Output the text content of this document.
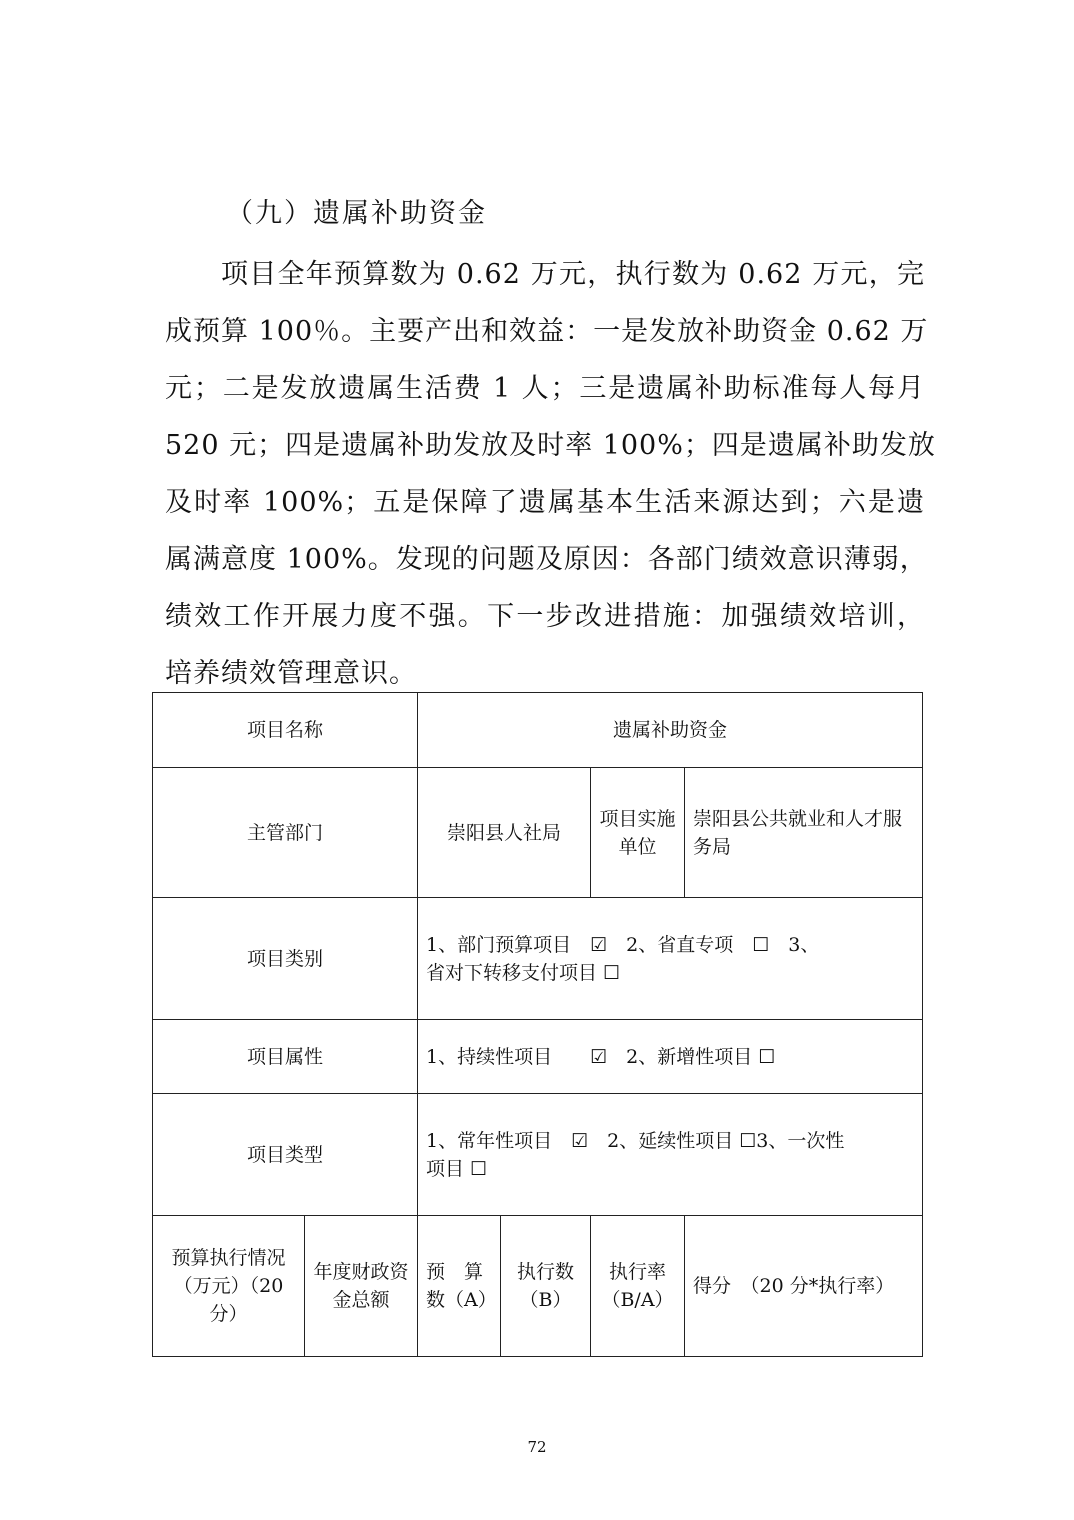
（九）遗属补助资金
项目全年预算数为 0.62 万元，执行数为 0.62 万元，完
成预算 100％。主要产出和效益：一是发放补助资金 0.62 万
元；二是发放遗属生活费 1 人；三是遗属补助标准每人每月
520 元；四是遗属补助发放及时率 100%；四是遗属补助发放
及时率 100%；五是保障了遗属基本生活来源达到；六是遗
属满意度 100%。发现的问题及原因：各部门绩效意识薄弱，
绩效工作开展力度不强。下一步改进措施：加强绩效培训，
培养绩效管理意识。
项目名称		遗属补助资金			
主管部门		崇阳县人社局		项目实施单位	崇阳县公共就业和人才服务局
项目类别		1、部门预算项目　☑　2、省直专项　☐　3、
省对下转移支付项目 ☐			

项目属性		1、持续性项目　　☑　2、新增性项目 ☐			
项目类型		1、常年性项目　☑　2、延续性项目 ☐3、一次性
项目 ☐			

预算执行情况（万元）（20分）	年度财政资金总额	预　算数（A）	执行数（B）	执行率（B/A）	得分　（20 分*执行率）
72
